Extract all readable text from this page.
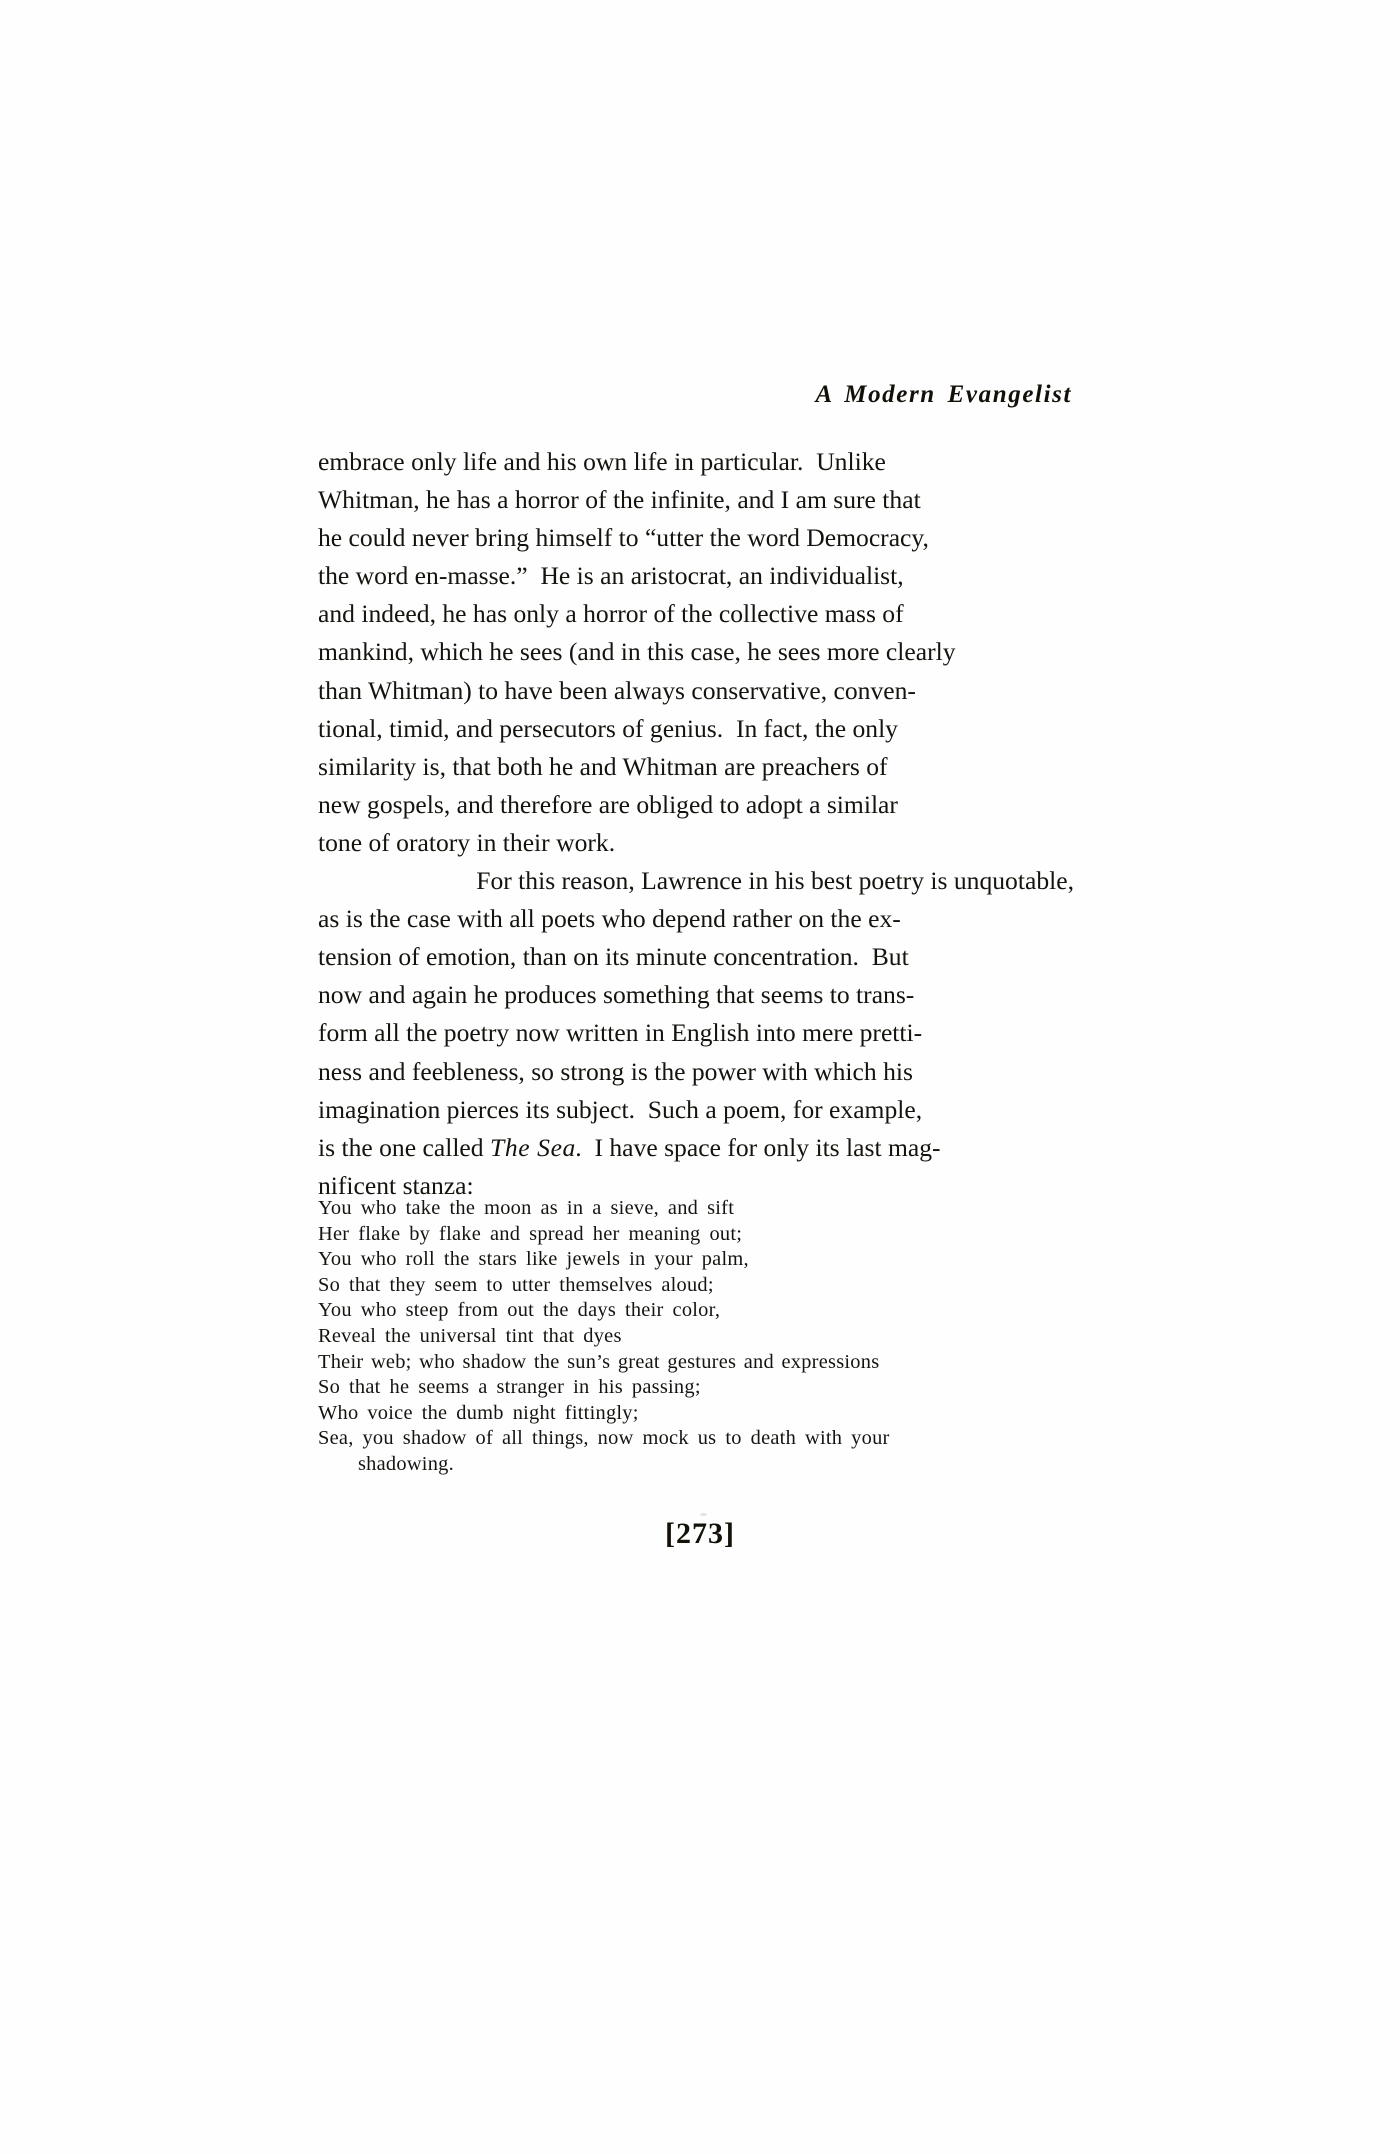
A Modern Evangelist

embrace only life and his own life in particular.  Unlike
Whitman, he has a horror of the infinite, and I am sure that
he could never bring himself to “utter the word Democracy,
the word en-masse.”  He is an aristocrat, an individualist,
and indeed, he has only a horror of the collective mass of
mankind, which he sees (and in this case, he sees more clearly
than Whitman) to have been always conservative, conven-
tional, timid, and persecutors of genius.  In fact, the only
similarity is, that both he and Whitman are preachers of
new gospels, and therefore are obliged to adopt a similar
tone of oratory in their work.

For this reason, Lawrence in his best poetry is unquotable,
as is the case with all poets who depend rather on the ex-
tension of emotion, than on its minute concentration.  But
now and again he produces something that seems to trans-
form all the poetry now written in English into mere pretti-
ness and feebleness, so strong is the power with which his
imagination pierces its subject.  Such a poem, for example,
is the one called The Sea. I have space for only its last mag-
nificent stanza:

You who take the moon as in a sieve, and sift
Her flake by flake and spread her meaning out;
You who roll the stars like jewels in your palm,
So that they seem to utter themselves aloud;
You who steep from out the days their color,
Reveal the universal tint that dyes
Their web; who shadow the sun’s great gestures and expressions
So that he seems a stranger in his passing;
Who voice the dumb night fittingly;
Sea, you shadow of all things, now mock us to death with your
shadowing.
[273]
